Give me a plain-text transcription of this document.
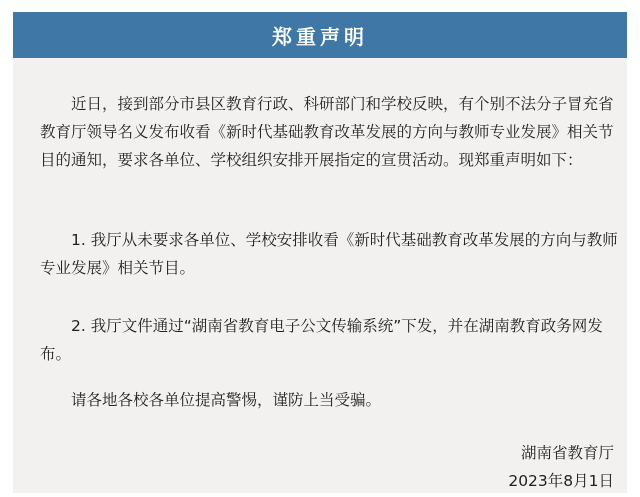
郑重声明

近日，接到部分市县区教育行政、科研部门和学校反映，有个别不法分子冒充省教育厅领导名义发布收看《新时代基础教育改革发展的方向与教师专业发展》相关节目的通知，要求各单位、学校组织安排开展指定的宣贯活动。现郑重声明如下：

1. 我厅从未要求各单位、学校安排收看《新时代基础教育改革发展的方向与教师专业发展》相关节目。

2. 我厅文件通过“湖南省教育电子公文传输系统”下发，并在湖南教育政务网发布。

请各地各校各单位提高警惕，谨防上当受骗。

湖南省教育厅
2023年8月1日
